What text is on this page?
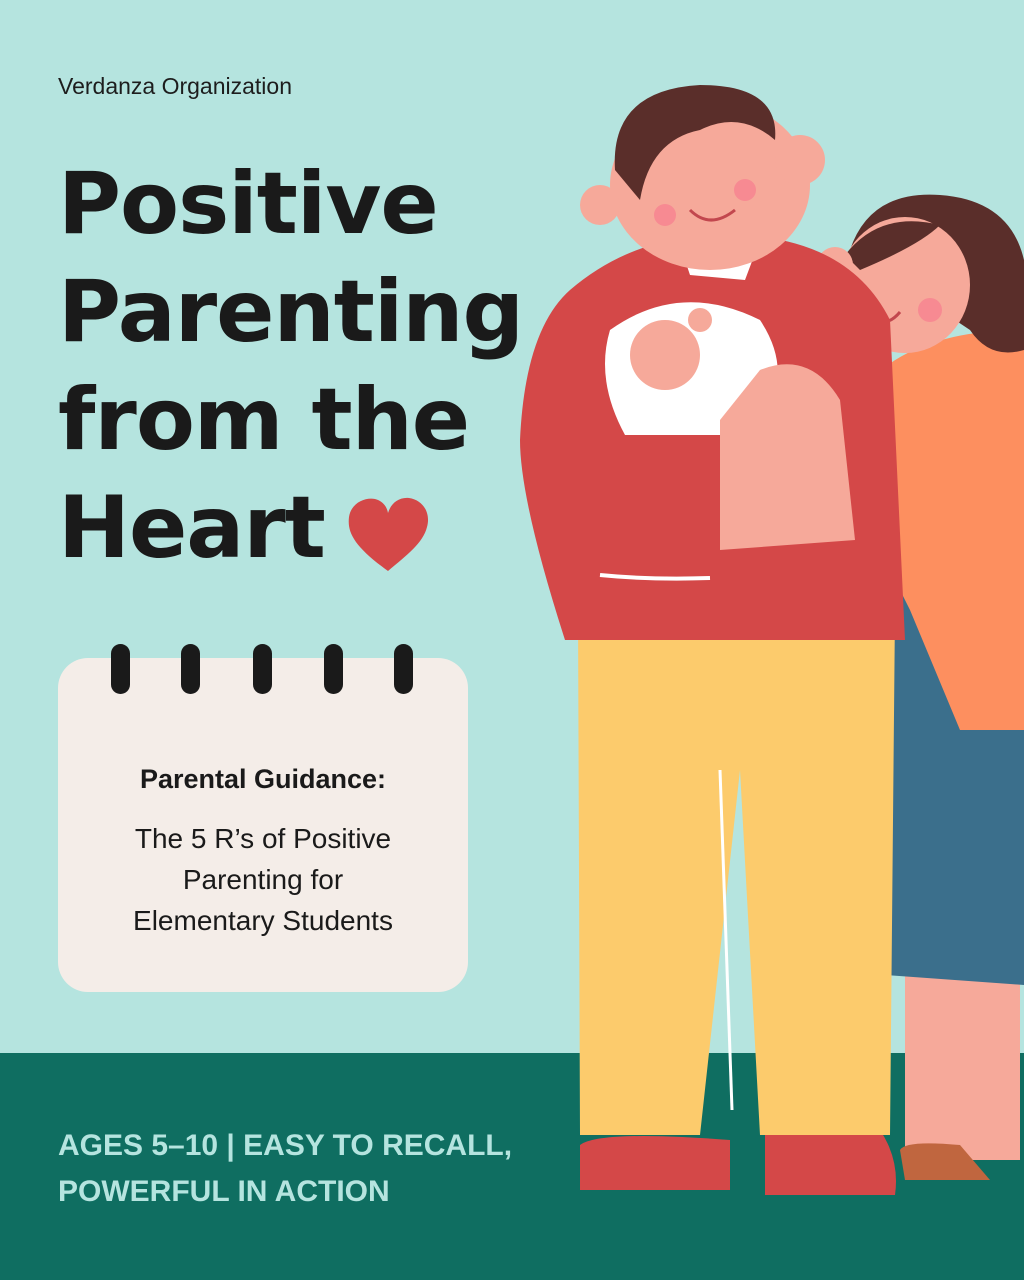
Verdanza Organization
Positive
Parenting
from the
Heart
Parental Guidance:
The 5 R’s of Positive
Parenting for
Elementary Students
AGES 5–10 | EASY TO RECALL,
POWERFUL IN ACTION
